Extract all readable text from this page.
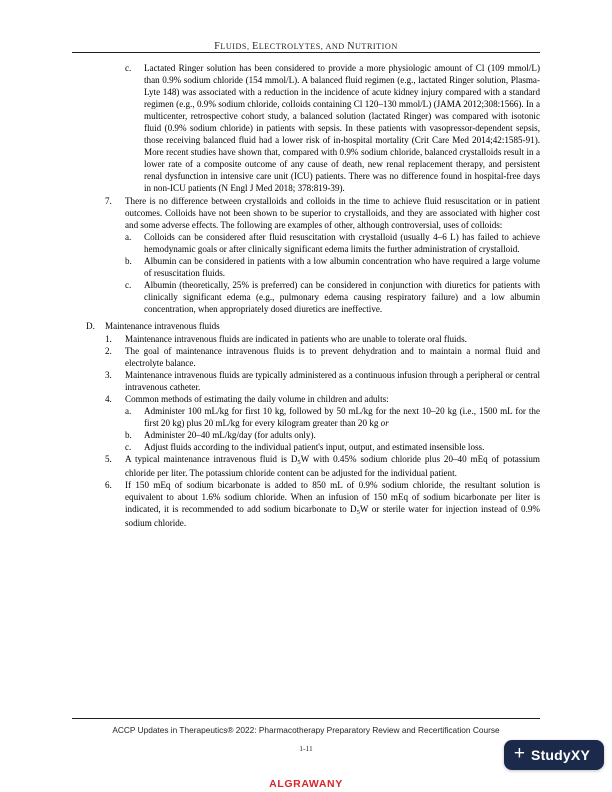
FLUIDS, ELECTROLYTES, AND NUTRITION
c.	Lactated Ringer solution has been considered to provide a more physiologic amount of Cl (109 mmol/L) than 0.9% sodium chloride (154 mmol/L). A balanced fluid regimen (e.g., lactated Ringer solution, Plasma-Lyte 148) was associated with a reduction in the incidence of acute kidney injury compared with a standard regimen (e.g., 0.9% sodium chloride, colloids containing Cl 120–130 mmol/L) (JAMA 2012;308:1566). In a multicenter, retrospective cohort study, a balanced solution (lactated Ringer) was compared with isotonic fluid (0.9% sodium chloride) in patients with sepsis. In these patients with vasopressor-dependent sepsis, those receiving balanced fluid had a lower risk of in-hospital mortality (Crit Care Med 2014;42:1585-91). More recent studies have shown that, compared with 0.9% sodium chloride, balanced crystalloids result in a lower rate of a composite outcome of any cause of death, new renal replacement therapy, and persistent renal dysfunction in intensive care unit (ICU) patients. There was no difference found in hospital-free days in non-ICU patients (N Engl J Med 2018; 378:819-39).
7.	There is no difference between crystalloids and colloids in the time to achieve fluid resuscitation or in patient outcomes. Colloids have not been shown to be superior to crystalloids, and they are associated with higher cost and some adverse effects. The following are examples of other, although controversial, uses of colloids:
a.	Colloids can be considered after fluid resuscitation with crystalloid (usually 4–6 L) has failed to achieve hemodynamic goals or after clinically significant edema limits the further administration of crystalloid.
b.	Albumin can be considered in patients with a low albumin concentration who have required a large volume of resuscitation fluids.
c.	Albumin (theoretically, 25% is preferred) can be considered in conjunction with diuretics for patients with clinically significant edema (e.g., pulmonary edema causing respiratory failure) and a low albumin concentration, when appropriately dosed diuretics are ineffective.
D.	Maintenance intravenous fluids
1.	Maintenance intravenous fluids are indicated in patients who are unable to tolerate oral fluids.
2.	The goal of maintenance intravenous fluids is to prevent dehydration and to maintain a normal fluid and electrolyte balance.
3.	Maintenance intravenous fluids are typically administered as a continuous infusion through a peripheral or central intravenous catheter.
4.	Common methods of estimating the daily volume in children and adults:
a.	Administer 100 mL/kg for first 10 kg, followed by 50 mL/kg for the next 10–20 kg (i.e., 1500 mL for the first 20 kg) plus 20 mL/kg for every kilogram greater than 20 kg or
b.	Administer 20–40 mL/kg/day (for adults only).
c.	Adjust fluids according to the individual patient's input, output, and estimated insensible loss.
5.	A typical maintenance intravenous fluid is $D_5W$ with 0.45% sodium chloride plus 20–40 mEq of potassium chloride per liter. The potassium chloride content can be adjusted for the individual patient.
6.	If 150 mEq of sodium bicarbonate is added to 850 mL of 0.9% sodium chloride, the resultant solution is equivalent to about 1.6% sodium chloride. When an infusion of 150 mEq of sodium bicarbonate per liter is indicated, it is recommended to add sodium bicarbonate to $D_5W$ or sterile water for injection instead of 0.9% sodium chloride.
ACCP Updates in Therapeutics® 2022: Pharmacotherapy Preparatory Review and Recertification Course
1-11
ALGRAWANY
+ StudyXY
